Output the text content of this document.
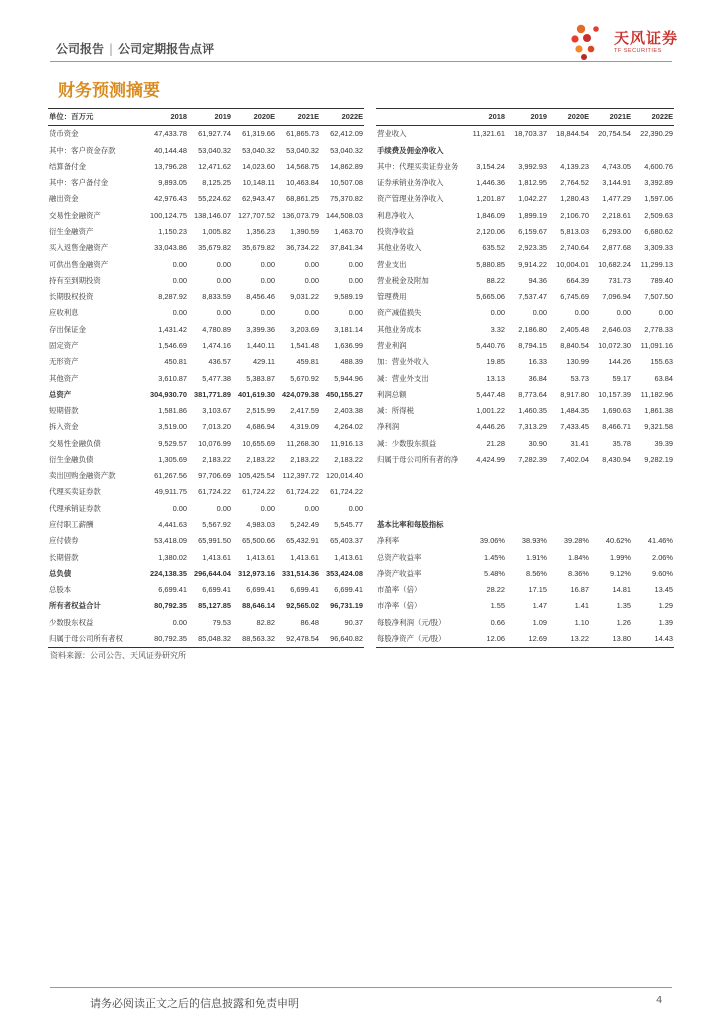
公司报告 | 公司定期报告点评
天风证券
TF SECURITIES
财务预测摘要
单位：百万元	2018	2019	2020E	2021E	2022E
货币资金	47,433.78	61,927.74	61,319.66	61,865.73	62,412.09
其中：客户资金存款	40,144.48	53,040.32	53,040.32	53,040.32	53,040.32
结算备付金	13,796.28	12,471.62	14,023.60	14,568.75	14,862.89
其中：客户备付金	9,893.05	8,125.25	10,148.11	10,463.84	10,507.08
融出资金	42,976.43	55,224.62	62,943.47	68,861.25	75,370.82
交易性金融资产	100,124.75	138,146.07	127,707.52	136,073.79	144,508.03
衍生金融资产	1,150.23	1,005.82	1,356.23	1,390.59	1,463.70
买入返售金融资产	33,043.86	35,679.82	35,679.82	36,734.22	37,841.34
可供出售金融资产	0.00	0.00	0.00	0.00	0.00
持有至到期投资	0.00	0.00	0.00	0.00	0.00
长期股权投资	8,287.92	8,833.59	8,456.46	9,031.22	9,589.19
应收利息	0.00	0.00	0.00	0.00	0.00
存出保证金	1,431.42	4,780.89	3,399.36	3,203.69	3,181.14
固定资产	1,546.69	1,474.16	1,440.11	1,541.48	1,636.99
无形资产	450.81	436.57	429.11	459.81	488.39
其他资产	3,610.87	5,477.38	5,383.87	5,670.92	5,944.96
总资产	304,930.70	381,771.89	401,619.30	424,079.38	450,155.27
短期借款	1,581.86	3,103.67	2,515.99	2,417.59	2,403.38
拆入资金	3,519.00	7,013.20	4,686.94	4,319.09	4,264.02
交易性金融负债	9,529.57	10,076.99	10,655.69	11,268.30	11,916.13
衍生金融负债	1,305.69	2,183.22	2,183.22	2,183.22	2,183.22
卖出回购金融资产款	61,267.56	97,706.69	105,425.54	112,397.72	120,014.40
代理买卖证券款	49,911.75	61,724.22	61,724.22	61,724.22	61,724.22
代理承销证券款	0.00	0.00	0.00	0.00	0.00
应付职工薪酬	4,441.63	5,567.92	4,983.03	5,242.49	5,545.77
应付债券	53,418.09	65,991.50	65,500.66	65,432.91	65,403.37
长期借款	1,380.02	1,413.61	1,413.61	1,413.61	1,413.61
总负债	224,138.35	296,644.04	312,973.16	331,514.36	353,424.08
总股本	6,699.41	6,699.41	6,699.41	6,699.41	6,699.41
所有者权益合计	80,792.35	85,127.85	88,646.14	92,565.02	96,731.19
少数股东权益	0.00	79.53	82.82	86.48	90.37
归属于母公司所有者权	80,792.35	85,048.32	88,563.32	92,478.54	96,640.82
	2018	2019	2020E	2021E	2022E
营业收入	11,321.61	18,703.37	18,844.54	20,754.54	22,390.29
手续费及佣金净收入					
其中：代理买卖证券业务	3,154.24	3,992.93	4,139.23	4,743.05	4,600.76
证券承销业务净收入	1,446.36	1,812.95	2,764.52	3,144.91	3,392.89
资产管理业务净收入	1,201.87	1,042.27	1,280.43	1,477.29	1,597.06
利息净收入	1,846.09	1,899.19	2,106.70	2,218.61	2,509.63
投资净收益	2,120.06	6,159.67	5,813.03	6,293.00	6,680.62
其他业务收入	635.52	2,923.35	2,740.64	2,877.68	3,309.33
营业支出	5,880.85	9,914.22	10,004.01	10,682.24	11,299.13
营业税金及附加	88.22	94.36	664.39	731.73	789.40
管理费用	5,665.06	7,537.47	6,745.69	7,096.94	7,507.50
资产减值损失	0.00	0.00	0.00	0.00	0.00
其他业务成本	3.32	2,186.80	2,405.48	2,646.03	2,778.33
营业利润	5,440.76	8,794.15	8,840.54	10,072.30	11,091.16
加：营业外收入	19.85	16.33	130.99	144.26	155.63
减：营业外支出	13.13	36.84	53.73	59.17	63.84
利润总额	5,447.48	8,773.64	8,917.80	10,157.39	11,182.96
减：所得税	1,001.22	1,460.35	1,484.35	1,690.63	1,861.38
净利润	4,446.26	7,313.29	7,433.45	8,466.71	9,321.58
减：少数股东损益	21.28	30.90	31.41	35.78	39.39
归属于母公司所有者的净	4,424.99	7,282.39	7,402.04	8,430.94	9,282.19

基本比率和每股指标					
净利率	39.06%	38.93%	39.28%	40.62%	41.46%
总资产收益率	1.45%	1.91%	1.84%	1.99%	2.06%
净资产收益率	5.48%	8.56%	8.36%	9.12%	9.60%
市盈率（倍）	28.22	17.15	16.87	14.81	13.45
市净率（倍）	1.55	1.47	1.41	1.35	1.29
每股净利润（元/股）	0.66	1.09	1.10	1.26	1.39
每股净资产（元/股）	12.06	12.69	13.22	13.80	14.43
资料来源：公司公告、天风证券研究所
请务必阅读正文之后的信息披露和免责申明	4
